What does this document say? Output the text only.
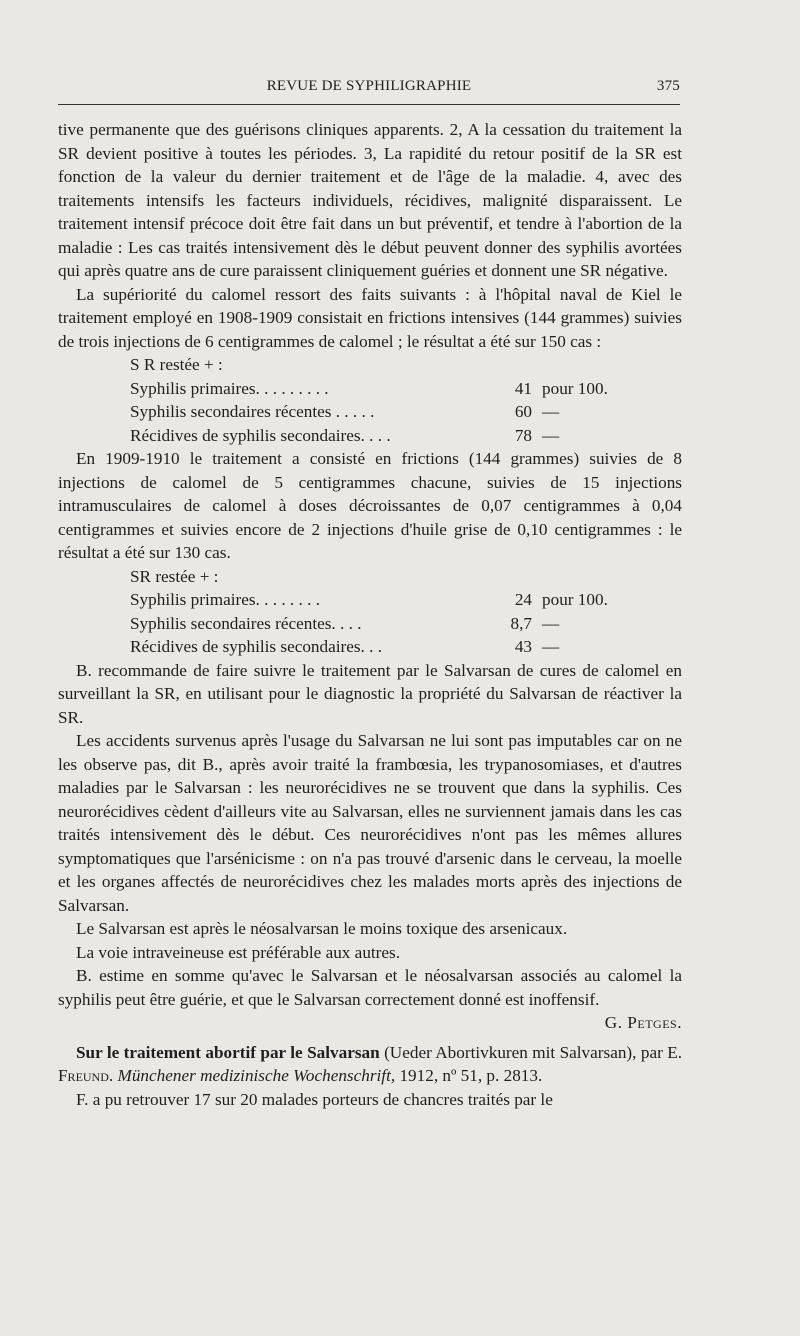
REVUE DE SYPHILIGRAPHIE	375

tive permanente que des guérisons cliniques apparents. 2, A la cessation du traitement la SR devient positive à toutes les périodes. 3, La rapidité du retour positif de la SR est fonction de la valeur du dernier traitement et de l'âge de la maladie. 4, avec des traitements intensifs les facteurs individuels, récidives, malignité disparaissent. Le traitement intensif précoce doit être fait dans un but préventif, et tendre à l'abortion de la maladie : Les cas traités intensivement dès le début peuvent donner des syphilis avortées qui après quatre ans de cure paraissent cliniquement guéries et donnent une SR négative.

La supériorité du calomel ressort des faits suivants : à l'hôpital naval de Kiel le traitement employé en 1908-1909 consistait en frictions intensives (144 grammes) suivies de trois injections de 6 centigrammes de calomel ; le résultat a été sur 150 cas :

S R restée + :
Syphilis primaires. . . . . . . . .	41 pour 100.
Syphilis secondaires récentes . . . . .	60 —
Récidives de syphilis secondaires. . . .	78 —

En 1909-1910 le traitement a consisté en frictions (144 grammes) suivies de 8 injections de calomel de 5 centigrammes chacune, suivies de 15 injections intramusculaires de calomel à doses décroissantes de 0,07 centigrammes à 0,04 centigrammes et suivies encore de 2 injections d'huile grise de 0,10 centigrammes : le résultat a été sur 130 cas.

SR restée + :
Syphilis primaires. . . . . . . .	24 pour 100.
Syphilis secondaires récentes. . . .	8,7 —
Récidives de syphilis secondaires. . .	43 —

B. recommande de faire suivre le traitement par le Salvarsan de cures de calomel en surveillant la SR, en utilisant pour le diagnostic la propriété du Salvarsan de réactiver la SR.

Les accidents survenus après l'usage du Salvarsan ne lui sont pas imputables car on ne les observe pas, dit B., après avoir traité la frambœsia, les trypanosomiases, et d'autres maladies par le Salvarsan : les neurorécidives ne se trouvent que dans la syphilis. Ces neurorécidives cèdent d'ailleurs vite au Salvarsan, elles ne surviennent jamais dans les cas traités intensivement dès le début. Ces neurorécidives n'ont pas les mêmes allures symptomatiques que l'arsénicisme : on n'a pas trouvé d'arsenic dans le cerveau, la moelle et les organes affectés de neurorécidives chez les malades morts après des injections de Salvarsan.

Le Salvarsan est après le néosalvarsan le moins toxique des arsenicaux.

La voie intraveineuse est préférable aux autres.

B. estime en somme qu'avec le Salvarsan et le néosalvarsan associés au calomel la syphilis peut être guérie, et que le Salvarsan correctement donné est inoffensif.

G. Petges.

Sur le traitement abortif par le Salvarsan (Ueder Abortivkuren mit Salvarsan), par E. Freund. Münchener medizinische Wochenschrift, 1912, nº 51, p. 2813.

F. a pu retrouver 17 sur 20 malades porteurs de chancres traités par le
